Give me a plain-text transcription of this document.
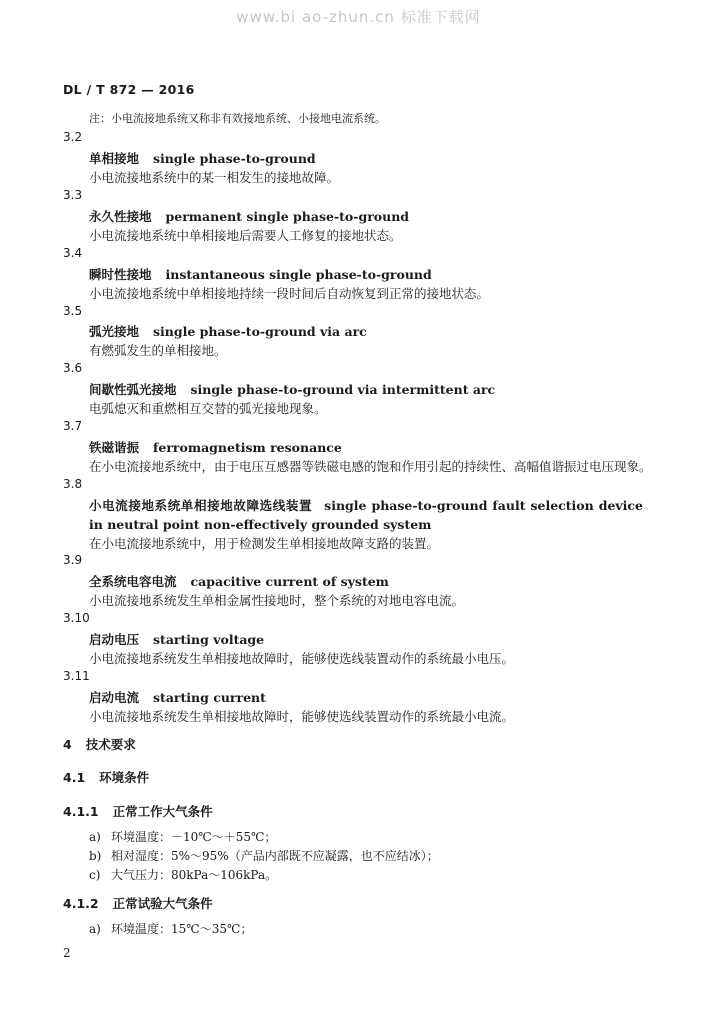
www.bi ao-zhun.cn 标准下载网
DL / T 872 — 2016
注：小电流接地系统又称非有效接地系统、小接地电流系统。
3.2
单相接地 single phase-to-ground
小电流接地系统中的某一相发生的接地故障。
3.3
永久性接地 permanent single phase-to-ground
小电流接地系统中单相接地后需要人工修复的接地状态。
3.4
瞬时性接地 instantaneous single phase-to-ground
小电流接地系统中单相接地持续一段时间后自动恢复到正常的接地状态。
3.5
弧光接地 single phase-to-ground via arc
有燃弧发生的单相接地。
3.6
间歇性弧光接地 single phase-to-ground via intermittent arc
电弧熄灭和重燃相互交替的弧光接地现象。
3.7
铁磁谐振 ferromagnetism resonance
在小电流接地系统中，由于电压互感器等铁磁电感的饱和作用引起的持续性、高幅值谐振过电压现象。
3.8
小电流接地系统单相接地故障选线装置 single phase-to-ground fault selection device in neutral point non-effectively grounded system
在小电流接地系统中，用于检测发生单相接地故障支路的装置。
3.9
全系统电容电流 capacitive current of system
小电流接地系统发生单相金属性接地时，整个系统的对地电容电流。
3.10
启动电压 starting voltage
小电流接地系统发生单相接地故障时，能够使选线装置动作的系统最小电压。
3.11
启动电流 starting current
小电流接地系统发生单相接地故障时，能够使选线装置动作的系统最小电流。
4 技术要求
4.1 环境条件
4.1.1 正常工作大气条件
a) 环境温度：－10℃～＋55℃；
b) 相对湿度：5%～95%（产品内部既不应凝露，也不应结冰）；
c) 大气压力：80kPa～106kPa。
4.1.2 正常试验大气条件
a) 环境温度：15℃～35℃；
2
